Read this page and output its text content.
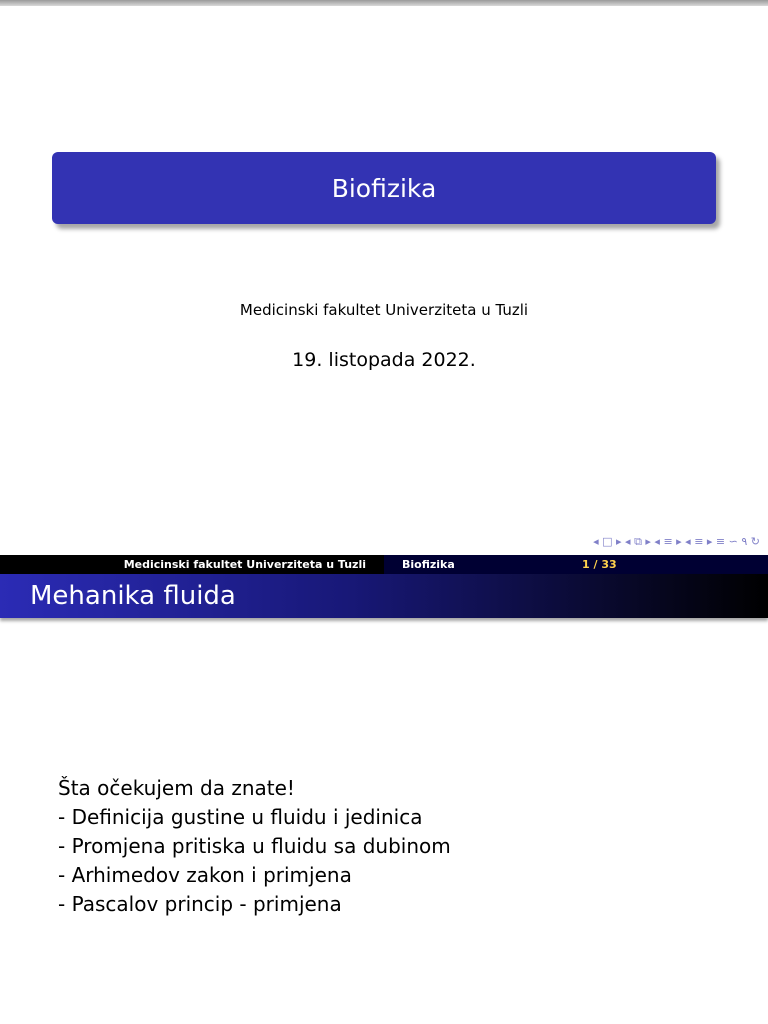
Biofizika
Medicinski fakultet Univerziteta u Tuzli
19. listopada 2022.
◂ □ ▸ ◂ ⧉ ▸ ◂ ≡ ▸ ◂ ≡ ▸ ≡ ∽ ۹ ↻
Medicinski fakultet Univerziteta u Tuzli	Biofizika	1 / 33
Mehanika fluida
Šta očekujem da znate!
- Definicija gustine u fluidu i jedinica
- Promjena pritiska u fluidu sa dubinom
- Arhimedov zakon i primjena
- Pascalov princip - primjena
